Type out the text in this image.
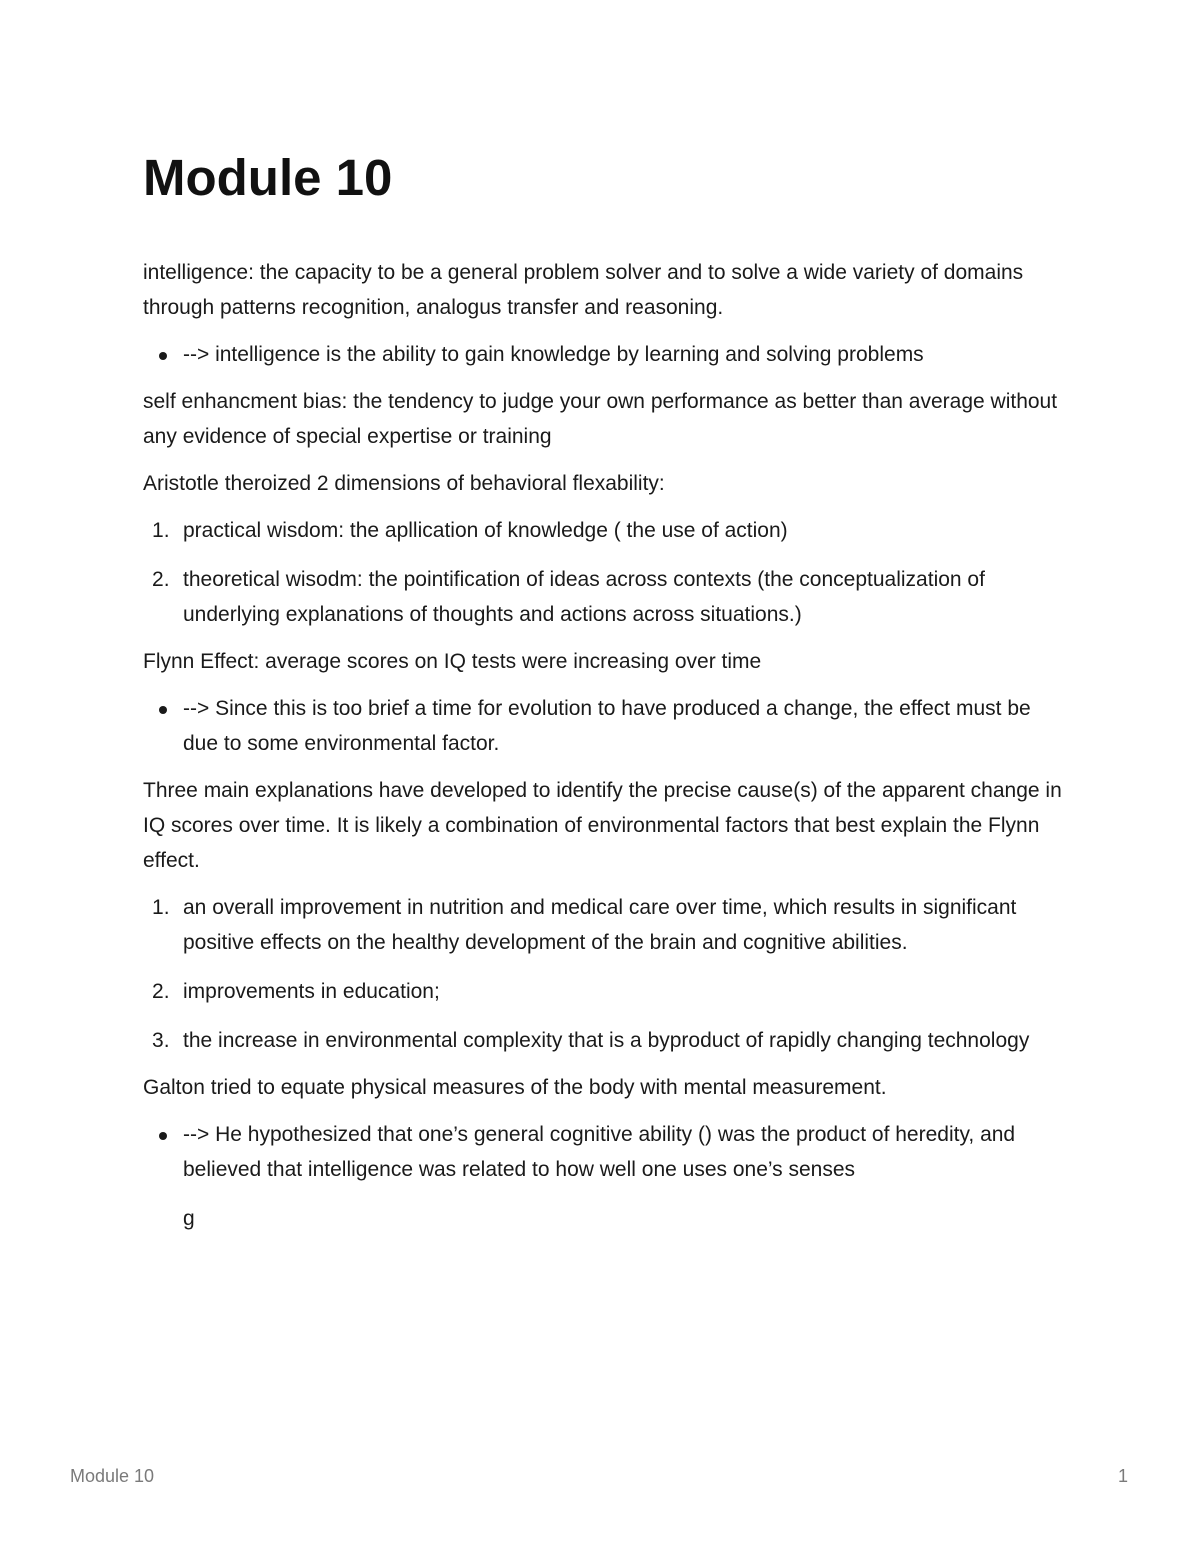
Module 10

intelligence: the capacity to be a general problem solver and to solve a wide variety of domains through patterns recognition, analogus transfer and reasoning.

--> intelligence is the ability to gain knowledge by learning and solving problems

self enhancment bias: the tendency to judge your own performance as better than average without any evidence of special expertise or training

Aristotle theroized 2 dimensions of behavioral flexability:

practical wisdom: the apllication of knowledge ( the use of action)
theoretical wisodm: the pointification of ideas across contexts (the conceptualization of underlying explanations of thoughts and actions across situations.)

Flynn Effect: average scores on IQ tests were increasing over time

--> Since this is too brief a time for evolution to have produced a change, the effect must be due to some environmental factor.

Three main explanations have developed to identify the precise cause(s) of the apparent change in IQ scores over time. It is likely a combination of environmental factors that best explain the Flynn effect.

an overall improvement in nutrition and medical care over time, which results in significant positive effects on the healthy development of the brain and cognitive abilities.
improvements in education;
the increase in environmental complexity that is a byproduct of rapidly changing technology

Galton tried to equate physical measures of the body with mental measurement.

--> He hypothesized that one’s general cognitive ability () was the product of heredity, and believed that intelligence was related to how well one uses one’s senses
g
Module 10	1
